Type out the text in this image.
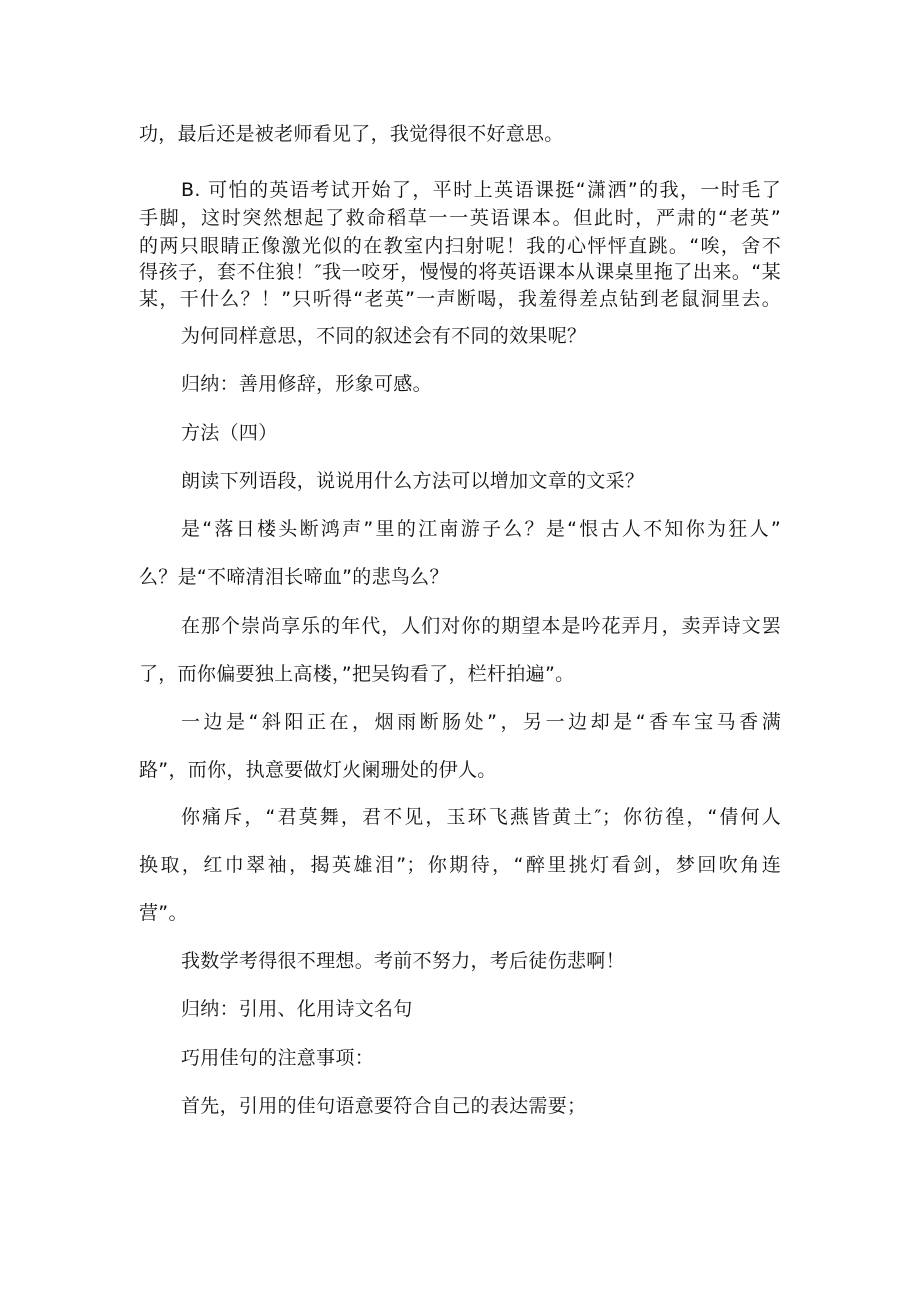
功，最后还是被老师看见了，我觉得很不好意思。
B. 可怕的英语考试开始了，平时上英语课挺“潇洒”的我，一时毛了
手脚，这时突然想起了救命稻草一一英语课本。但此时，严肃的“老英”
的两只眼睛正像激光似的在教室内扫射呢！我的心怦怦直跳。“唉，舍不
得孩子，套不住狼！″我一咬牙，慢慢的将英语课本从课桌里拖了出来。“某
某，干什么？！”只听得“老英”一声断喝，我羞得差点钻到老鼠洞里去。
为何同样意思，不同的叙述会有不同的效果呢？
归纳：善用修辞，形象可感。
方法（四）
朗读下列语段，说说用什么方法可以增加文章的文采？
是“落日楼头断鸿声”里的江南游子么？是“恨古人不知你为狂人”
么？是“不啼清泪长啼血”的悲鸟么？
在那个崇尚享乐的年代，人们对你的期望本是吟花弄月，卖弄诗文罢
了，而你偏要独上高楼，”把吴钩看了，栏杆拍遍”。
一边是“斜阳正在，烟雨断肠处”，另一边却是“香车宝马香满
路”，而你，执意要做灯火阑珊处的伊人。
你痛斥，“君莫舞，君不见，玉环飞燕皆黄土″；你彷徨，“倩何人
换取，红巾翠袖，揭英雄泪”；你期待，“醉里挑灯看剑，梦回吹角连
营”。
我数学考得很不理想。考前不努力，考后徒伤悲啊！
归纳：引用、化用诗文名句
巧用佳句的注意事项：
首先，引用的佳句语意要符合自己的表达需要；
